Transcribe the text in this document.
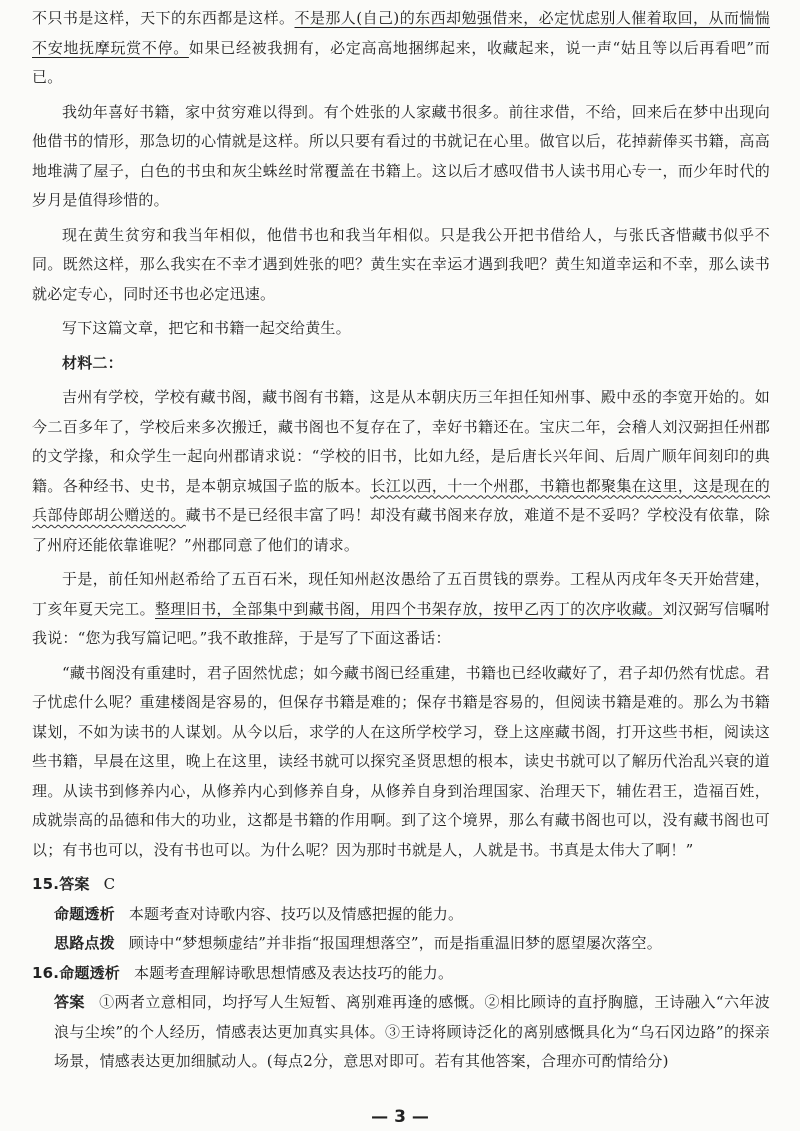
不只书是这样，天下的东西都是这样。不是那人(自己)的东西却勉强借来，必定忧虑别人催着取回，从而惴惴不安地抚摩玩赏不停。如果已经被我拥有，必定高高地捆绑起来，收藏起来，说一声“姑且等以后再看吧”而已。

我幼年喜好书籍，家中贫穷难以得到。有个姓张的人家藏书很多。前往求借，不给，回来后在梦中出现向他借书的情形，那急切的心情就是这样。所以只要有看过的书就记在心里。做官以后，花掉薪俸买书籍，高高地堆满了屋子，白色的书虫和灰尘蛛丝时常覆盖在书籍上。这以后才感叹借书人读书用心专一，而少年时代的岁月是值得珍惜的。

现在黄生贫穷和我当年相似，他借书也和我当年相似。只是我公开把书借给人，与张氏吝惜藏书似乎不同。既然这样，那么我实在不幸才遇到姓张的吧？黄生实在幸运才遇到我吧？黄生知道幸运和不幸，那么读书就必定专心，同时还书也必定迅速。

写下这篇文章，把它和书籍一起交给黄生。

材料二：

吉州有学校，学校有藏书阁，藏书阁有书籍，这是从本朝庆历三年担任知州事、殿中丞的李宽开始的。如今二百多年了，学校后来多次搬迁，藏书阁也不复存在了，幸好书籍还在。宝庆二年，会稽人刘汉弼担任州郡的文学掾，和众学生一起向州郡请求说：“学校的旧书，比如九经，是后唐长兴年间、后周广顺年间刻印的典籍。各种经书、史书，是本朝京城国子监的版本。长江以西，十一个州郡，书籍也都聚集在这里，这是现在的兵部侍郎胡公赠送的。藏书不是已经很丰富了吗！却没有藏书阁来存放，难道不是不妥吗？学校没有依靠，除了州府还能依靠谁呢？”州郡同意了他们的请求。

于是，前任知州赵希给了五百石米，现任知州赵汝愚给了五百贯钱的票券。工程从丙戌年冬天开始营建，丁亥年夏天完工。整理旧书，全部集中到藏书阁，用四个书架存放，按甲乙丙丁的次序收藏。刘汉弼写信嘱咐我说：“您为我写篇记吧。”我不敢推辞，于是写了下面这番话：

“藏书阁没有重建时，君子固然忧虑；如今藏书阁已经重建，书籍也已经收藏好了，君子却仍然有忧虑。君子忧虑什么呢？重建楼阁是容易的，但保存书籍是难的；保存书籍是容易的，但阅读书籍是难的。那么为书籍谋划，不如为读书的人谋划。从今以后，求学的人在这所学校学习，登上这座藏书阁，打开这些书柜，阅读这些书籍，早晨在这里，晚上在这里，读经书就可以探究圣贤思想的根本，读史书就可以了解历代治乱兴衰的道理。从读书到修养内心，从修养内心到修养自身，从修养自身到治理国家、治理天下，辅佐君王，造福百姓，成就崇高的品德和伟大的功业，这都是书籍的作用啊。到了这个境界，那么有藏书阁也可以，没有藏书阁也可以；有书也可以，没有书也可以。为什么呢？因为那时书就是人，人就是书。书真是太伟大了啊！”

15.答案 C

命题透析 本题考查对诗歌内容、技巧以及情感把握的能力。

思路点拨 顾诗中“梦想频虚结”并非指“报国理想落空”，而是指重温旧梦的愿望屡次落空。

16.命题透析 本题考查理解诗歌思想情感及表达技巧的能力。

答案 ①两者立意相同，均抒写人生短暂、离别难再逢的感慨。②相比顾诗的直抒胸臆，王诗融入“六年波浪与尘埃”的个人经历，情感表达更加真实具体。③王诗将顾诗泛化的离别感慨具化为“乌石冈边路”的探亲场景，情感表达更加细腻动人。(每点2分，意思对即可。若有其他答案，合理亦可酌情给分)

— 3 —
